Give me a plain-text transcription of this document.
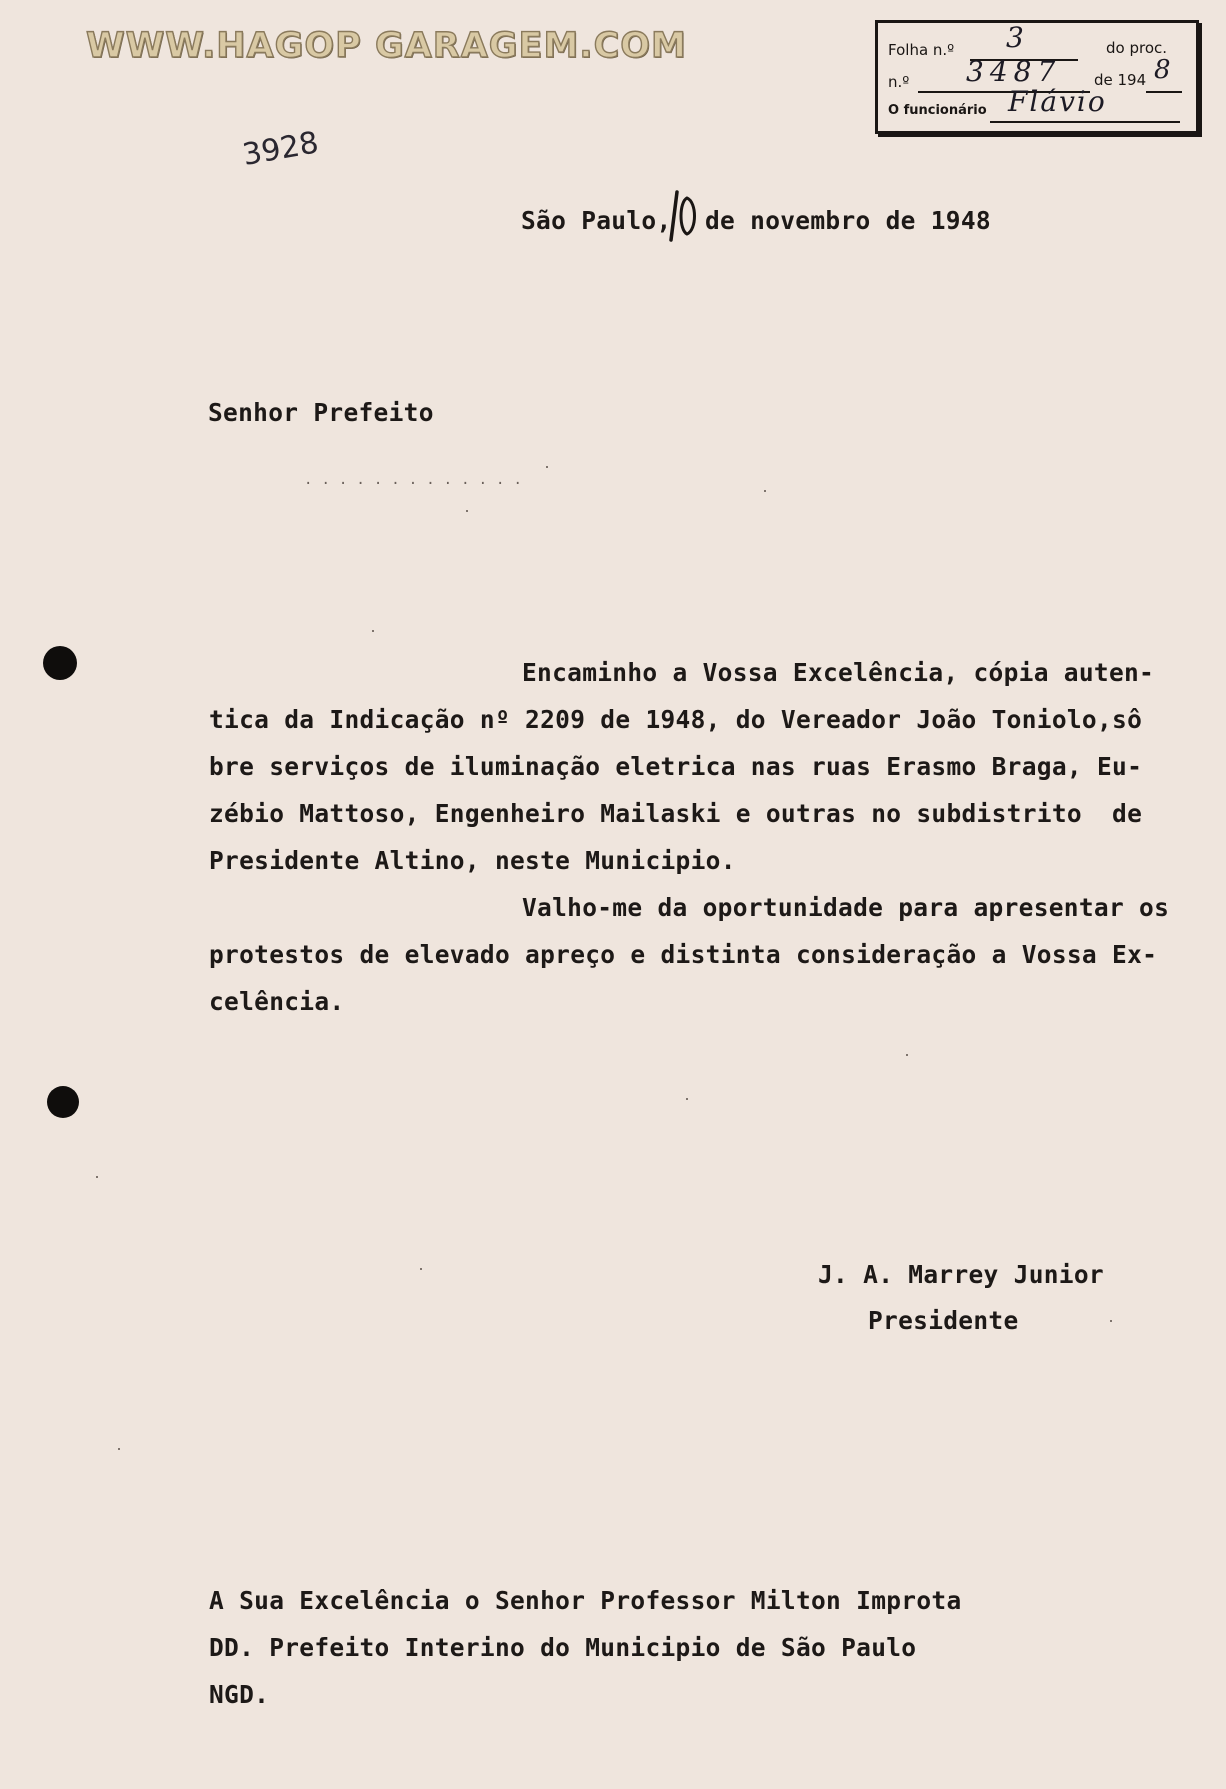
WWW.HAGOP GARAGEM.COM	Folha n.º 3	do proc.
n.º 3487 de 194 8
O funcionário Flávio
3928
São Paulo, de novembro de 1948
Senhor Prefeito
. . . . . . . . . . . . .
Encaminho a Vossa Excelência, cópia auten-
tica da Indicação nº 2209 de 1948, do Vereador João Toniolo,sô
bre serviços de iluminação eletrica nas ruas Erasmo Braga, Eu-
zébio Mattoso, Engenheiro Mailaski e outras no subdistrito  de
Presidente Altino, neste Municipio.
Valho-me da oportunidade para apresentar os
protestos de elevado apreço e distinta consideração a Vossa Ex-
celência.
J. A. Marrey Junior
Presidente
A Sua Excelência o Senhor Professor Milton Improta
DD. Prefeito Interino do Municipio de São Paulo
NGD.
